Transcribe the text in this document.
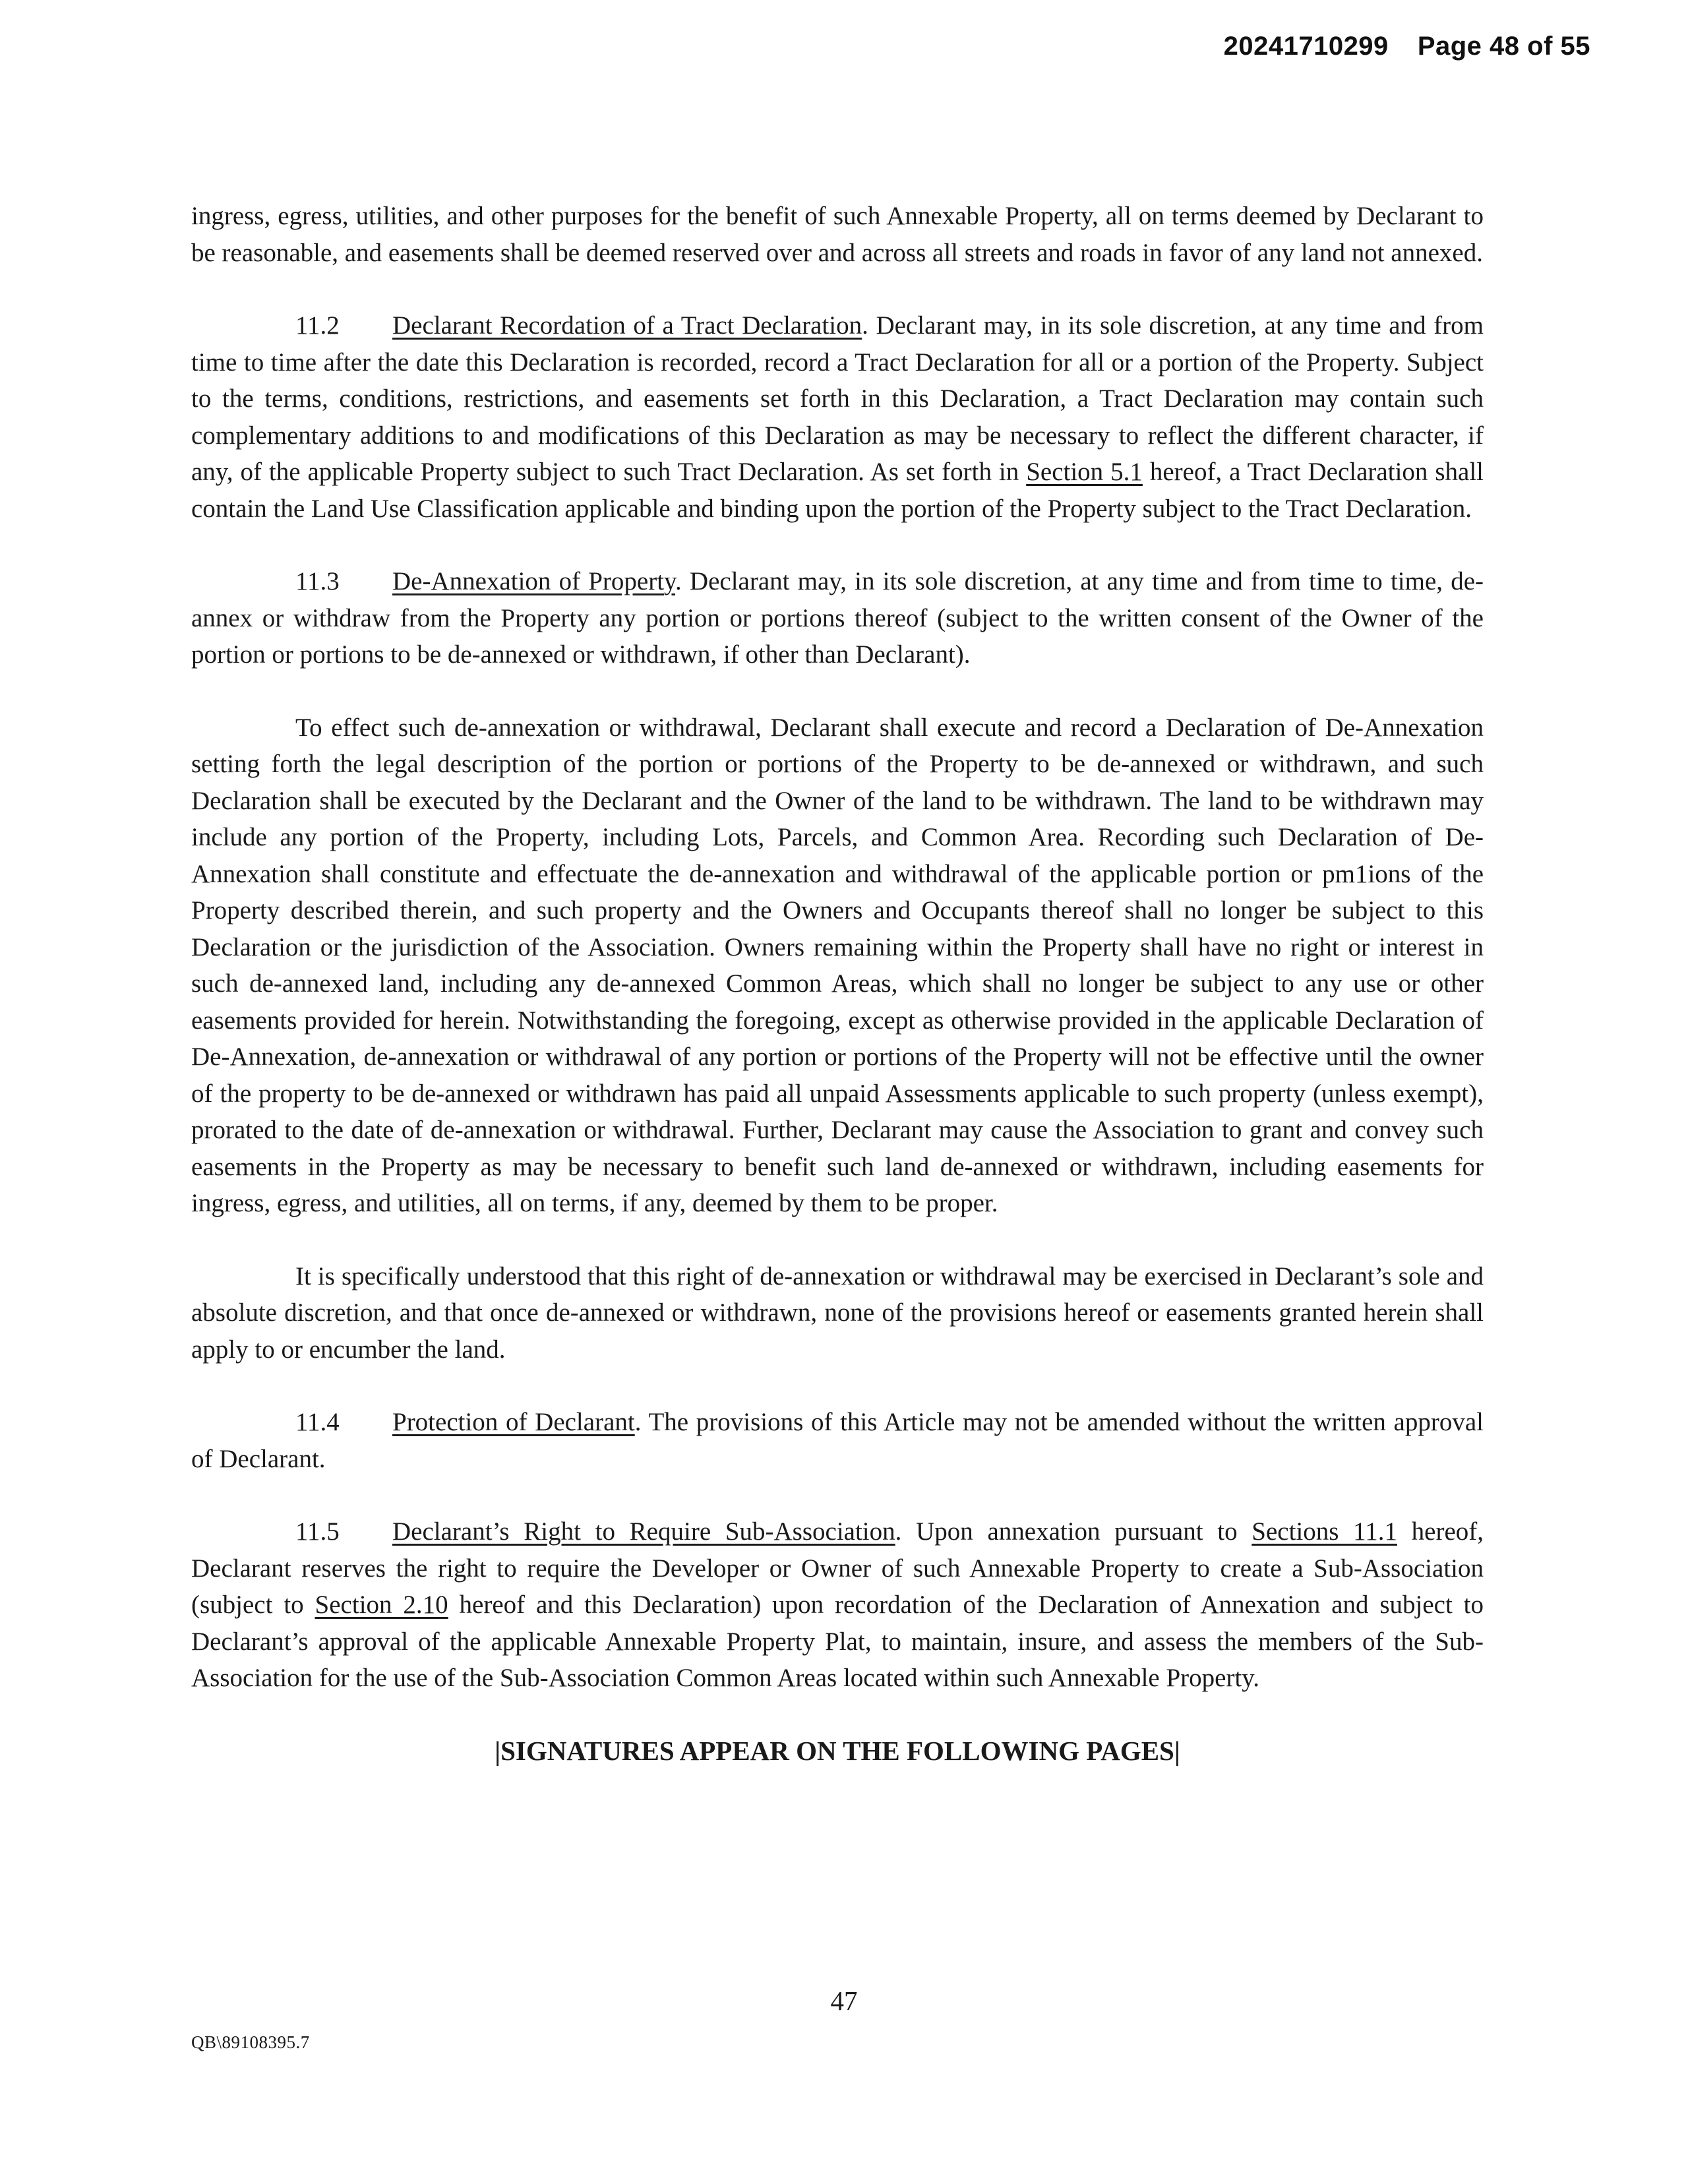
20241710299 Page 48 of 55

ingress, egress, utilities, and other purposes for the benefit of such Annexable Property, all on terms deemed by Declarant to be reasonable, and easements shall be deemed reserved over and across all streets and roads in favor of any land not annexed.

11.2 Declarant Recordation of a Tract Declaration. Declarant may, in its sole discretion, at any time and from time to time after the date this Declaration is recorded, record a Tract Declaration for all or a portion of the Property. Subject to the terms, conditions, restrictions, and easements set forth in this Declaration, a Tract Declaration may contain such complementary additions to and modifications of this Declaration as may be necessary to reflect the different character, if any, of the applicable Property subject to such Tract Declaration. As set forth in Section 5.1 hereof, a Tract Declaration shall contain the Land Use Classification applicable and binding upon the portion of the Property subject to the Tract Declaration.

11.3 De-Annexation of Property. Declarant may, in its sole discretion, at any time and from time to time, de-annex or withdraw from the Property any portion or portions thereof (subject to the written consent of the Owner of the portion or portions to be de-annexed or withdrawn, if other than Declarant).

To effect such de-annexation or withdrawal, Declarant shall execute and record a Declaration of De-Annexation setting forth the legal description of the portion or portions of the Property to be de-annexed or withdrawn, and such Declaration shall be executed by the Declarant and the Owner of the land to be withdrawn. The land to be withdrawn may include any portion of the Property, including Lots, Parcels, and Common Area. Recording such Declaration of De-Annexation shall constitute and effectuate the de-annexation and withdrawal of the applicable portion or pm1ions of the Property described therein, and such property and the Owners and Occupants thereof shall no longer be subject to this Declaration or the jurisdiction of the Association. Owners remaining within the Property shall have no right or interest in such de-annexed land, including any de-annexed Common Areas, which shall no longer be subject to any use or other easements provided for herein. Notwithstanding the foregoing, except as otherwise provided in the applicable Declaration of De-Annexation, de-annexation or withdrawal of any portion or portions of the Property will not be effective until the owner of the property to be de-annexed or withdrawn has paid all unpaid Assessments applicable to such property (unless exempt), prorated to the date of de-annexation or withdrawal. Further, Declarant may cause the Association to grant and convey such easements in the Property as may be necessary to benefit such land de-annexed or withdrawn, including easements for ingress, egress, and utilities, all on terms, if any, deemed by them to be proper.

It is specifically understood that this right of de-annexation or withdrawal may be exercised in Declarant’s sole and absolute discretion, and that once de-annexed or withdrawn, none of the provisions hereof or easements granted herein shall apply to or encumber the land.

11.4 Protection of Declarant. The provisions of this Article may not be amended without the written approval of Declarant.

11.5 Declarant’s Right to Require Sub-Association. Upon annexation pursuant to Sections 11.1 hereof, Declarant reserves the right to require the Developer or Owner of such Annexable Property to create a Sub-Association (subject to Section 2.10 hereof and this Declaration) upon recordation of the Declaration of Annexation and subject to Declarant’s approval of the applicable Annexable Property Plat, to maintain, insure, and assess the members of the Sub-Association for the use of the Sub-Association Common Areas located within such Annexable Property.

|SIGNATURES APPEAR ON THE FOLLOWING PAGES|

47
QB\89108395.7
